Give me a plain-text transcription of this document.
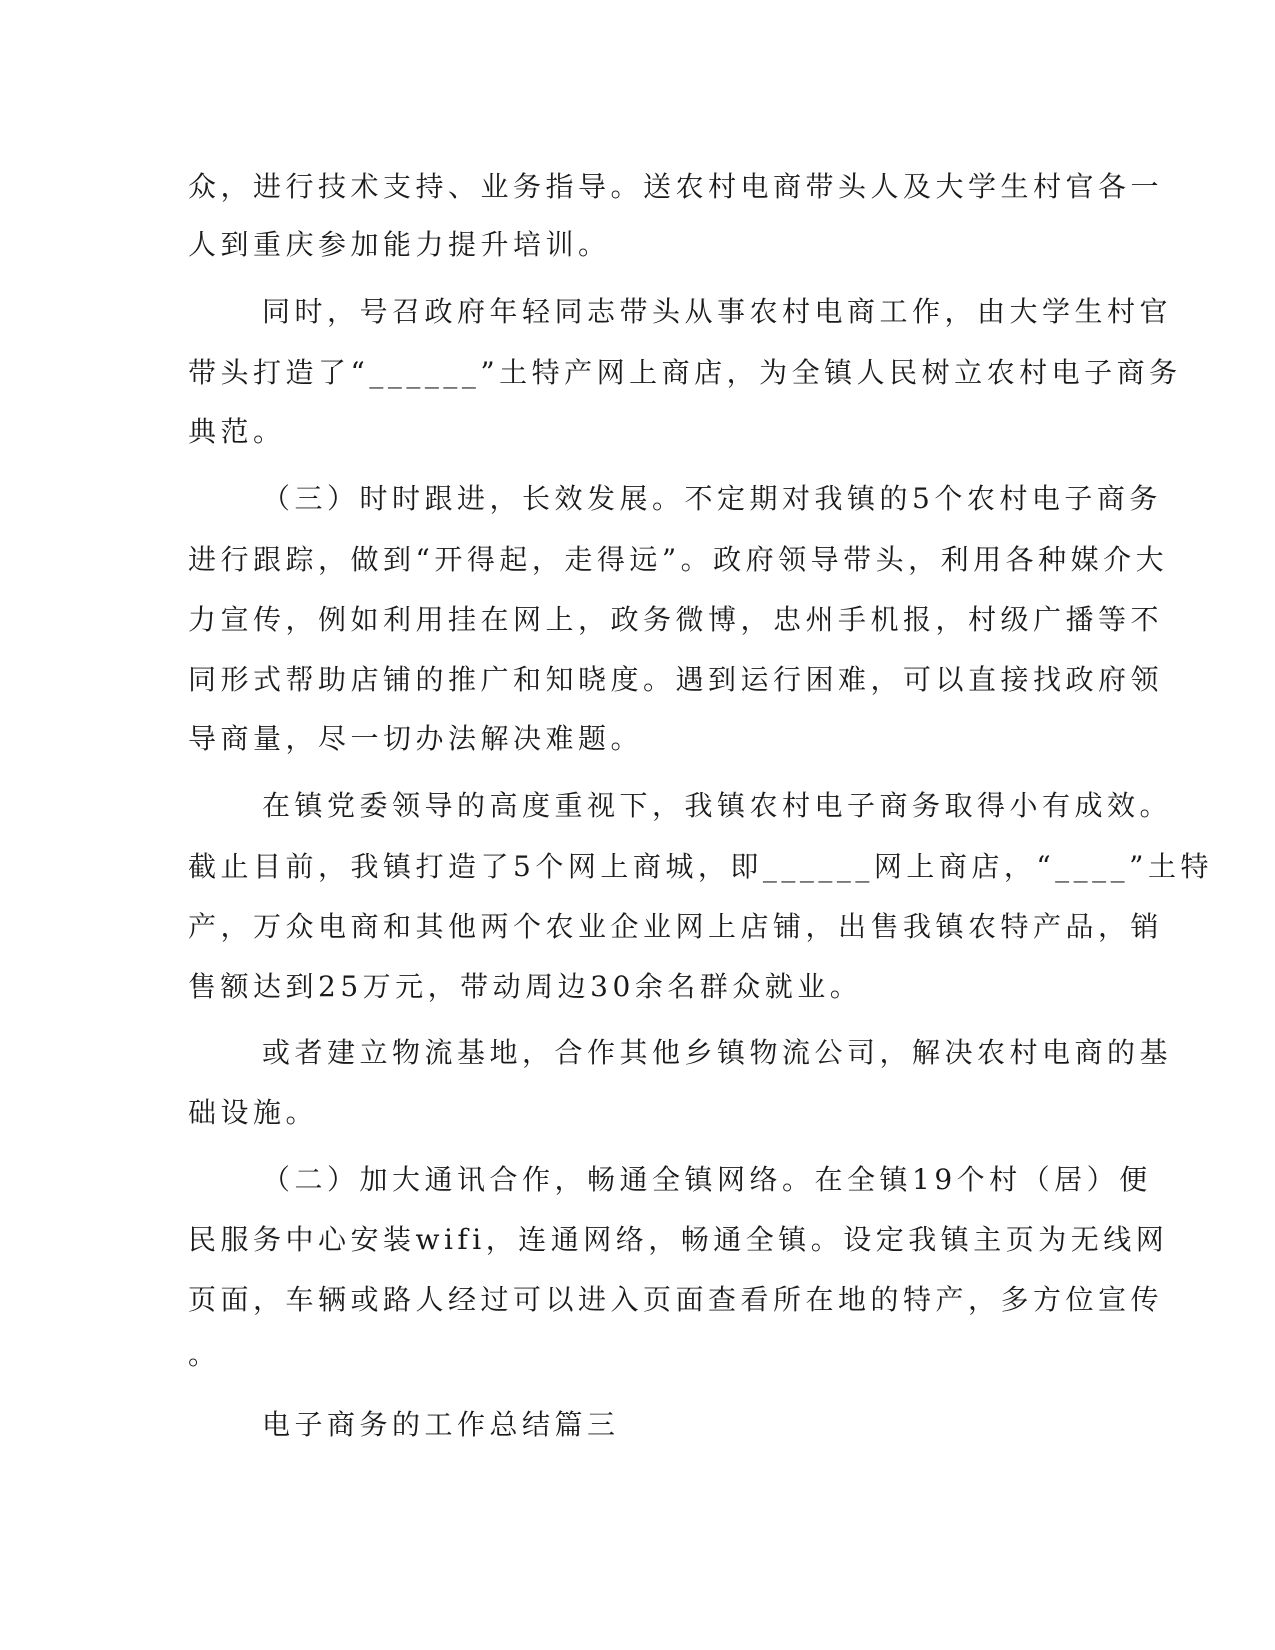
众，进行技术支持、业务指导。送农村电商带头人及大学生村官各一
人到重庆参加能力提升培训。
同时，号召政府年轻同志带头从事农村电商工作，由大学生村官
带头打造了“______”土特产网上商店，为全镇人民树立农村电子商务
典范。
（三）时时跟进，长效发展。不定期对我镇的5个农村电子商务
进行跟踪，做到“开得起，走得远”。政府领导带头，利用各种媒介大
力宣传，例如利用挂在网上，政务微博，忠州手机报，村级广播等不
同形式帮助店铺的推广和知晓度。遇到运行困难，可以直接找政府领
导商量，尽一切办法解决难题。
在镇党委领导的高度重视下，我镇农村电子商务取得小有成效。
截止目前，我镇打造了5个网上商城，即______网上商店，“____”土特
产，万众电商和其他两个农业企业网上店铺，出售我镇农特产品，销
售额达到25万元，带动周边30余名群众就业。
或者建立物流基地，合作其他乡镇物流公司，解决农村电商的基
础设施。
（二）加大通讯合作，畅通全镇网络。在全镇19个村（居）便
民服务中心安装wifi，连通网络，畅通全镇。设定我镇主页为无线网
页面，车辆或路人经过可以进入页面查看所在地的特产，多方位宣传
。
电子商务的工作总结篇三
